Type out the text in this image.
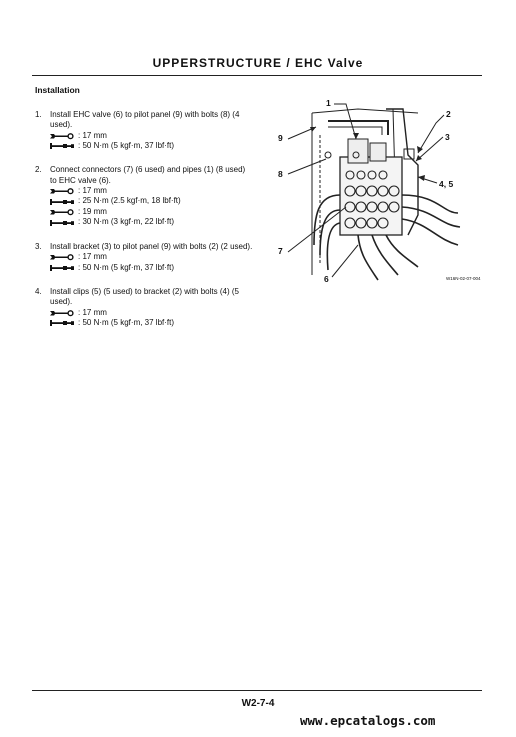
UPPERSTRUCTURE / EHC Valve
Installation
1.	Install EHC valve (6) to pilot panel (9) with bolts (8) (4 used).
: 17 mm
: 50 N·m (5 kgf·m, 37 lbf·ft)
2.	Connect connectors (7) (6 used) and pipes (1) (8 used) to EHC valve (6).
: 17 mm
: 25 N·m (2.5 kgf·m, 18 lbf·ft)
: 19 mm
: 30 N·m (3 kgf·m, 22 lbf·ft)
3.	Install bracket (3) to pilot panel (9) with bolts (2) (2 used).
: 17 mm
: 50 N·m (5 kgf·m, 37 lbf·ft)
4.	Install clips (5) (5 used) to bracket (2) with bolts (4) (5 used).
: 17 mm
: 50 N·m (5 kgf·m, 37 lbf·ft)
1
2
3
4, 5
9
8
7
6	W16N-02-07-004
W2-7-4
www.epcatalogs.com
